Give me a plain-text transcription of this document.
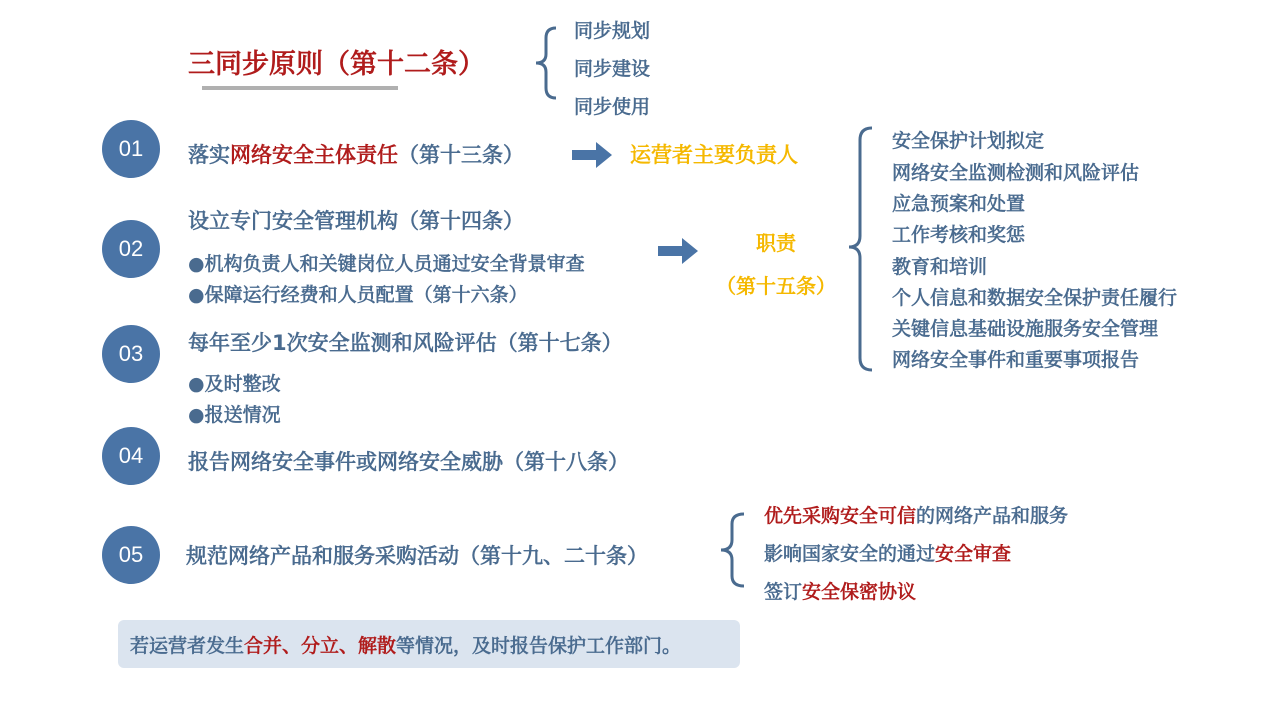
三同步原则（第十二条）
同步规划
同步建设
同步使用
01	落实网络安全主体责任（第十三条）	运营者主要负责人
02
设立专门安全管理机构（第十四条）
●机构负责人和关键岗位人员通过安全背景审查
●保障运行经费和人员配置（第十六条）
职责
（第十五条）
安全保护计划拟定
网络安全监测检测和风险评估
应急预案和处置
工作考核和奖惩
教育和培训
个人信息和数据安全保护责任履行
关键信息基础设施服务安全管理
网络安全事件和重要事项报告
03	每年至少1次安全监测和风险评估（第十七条）
●及时整改
●报送情况
04	报告网络安全事件或网络安全威胁（第十八条）
05	规范网络产品和服务采购活动（第十九、二十条）
优先采购安全可信的网络产品和服务
影响国家安全的通过安全审查
签订安全保密协议
若运营者发生 合并、分立、解散 等情况，及时报告保护工作部门。
